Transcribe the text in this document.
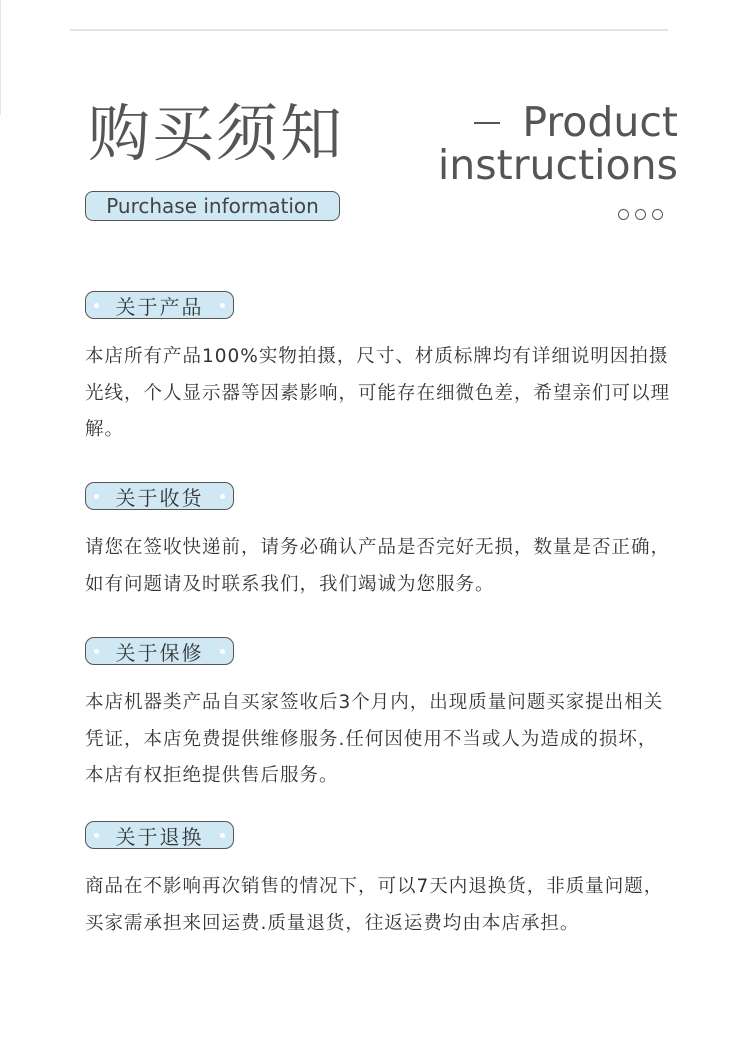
购买须知	Product
instructions
Purchase information
关于产品
本店所有产品100%实物拍摄，尺寸、材质标牌均有详细说明因拍摄光线，个人显示器等因素影响，可能存在细微色差，希望亲们可以理解。
关于收货
请您在签收快递前，请务必确认产品是否完好无损，数量是否正确，如有问题请及时联系我们，我们竭诚为您服务。
关于保修
本店机器类产品自买家签收后3个月内，出现质量问题买家提出相关凭证，本店免费提供维修服务.任何因使用不当或人为造成的损坏，本店有权拒绝提供售后服务。
关于退换
商品在不影响再次销售的情况下，可以7天内退换货，非质量问题，买家需承担来回运费.质量退货，往返运费均由本店承担。
